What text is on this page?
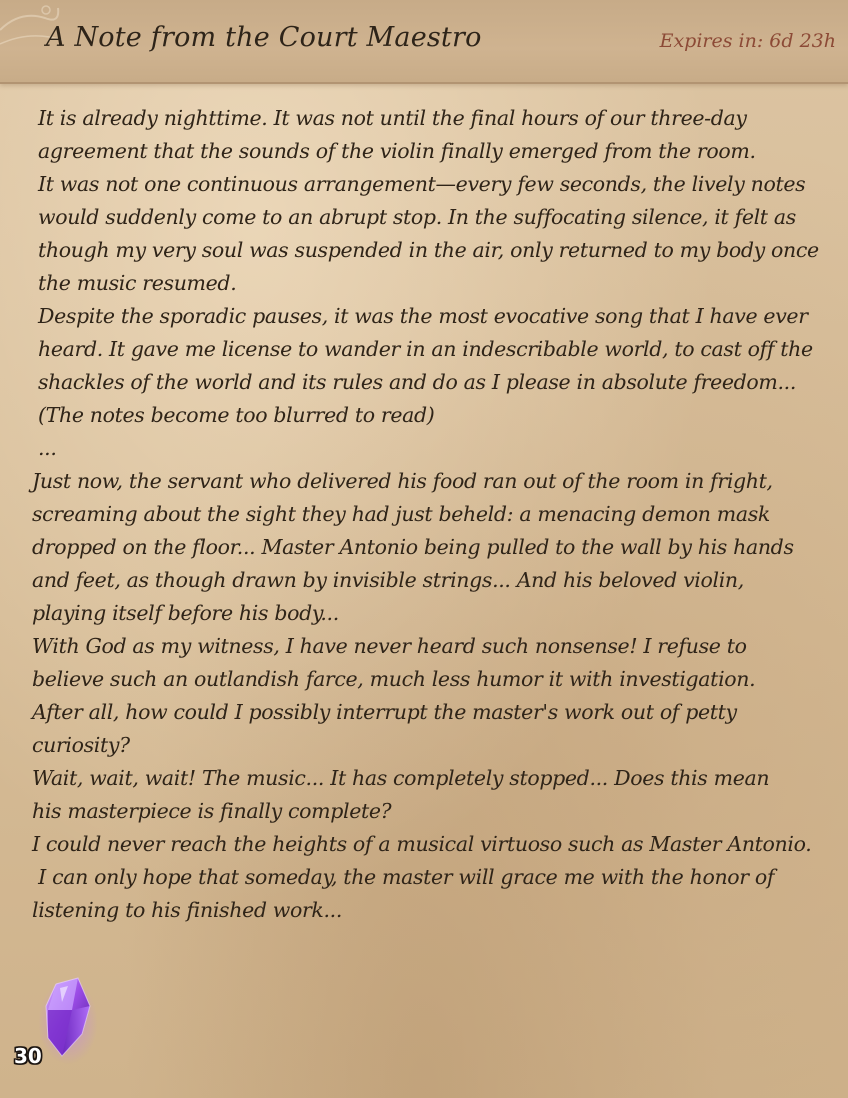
A Note from the Court Maestro	Expires in: 6d 23h
It is already nighttime. It was not until the final hours of our three-day
agreement that the sounds of the violin finally emerged from the room.
It was not one continuous arrangement—every few seconds, the lively notes
would suddenly come to an abrupt stop. In the suffocating silence, it felt as
though my very soul was suspended in the air, only returned to my body once
the music resumed.
Despite the sporadic pauses, it was the most evocative song that I have ever
heard. It gave me license to wander in an indescribable world, to cast off the
shackles of the world and its rules and do as I please in absolute freedom...
(The notes become too blurred to read)
...
Just now, the servant who delivered his food ran out of the room in fright,
screaming about the sight they had just beheld: a menacing demon mask
dropped on the floor... Master Antonio being pulled to the wall by his hands
and feet, as though drawn by invisible strings... And his beloved violin,
playing itself before his body...
With God as my witness, I have never heard such nonsense! I refuse to
believe such an outlandish farce, much less humor it with investigation.
After all, how could I possibly interrupt the master's work out of petty
curiosity?
Wait, wait, wait! The music... It has completely stopped... Does this mean
his masterpiece is finally complete?
I could never reach the heights of a musical virtuoso such as Master Antonio.
I can only hope that someday, the master will grace me with the honor of
listening to his finished work...
30
